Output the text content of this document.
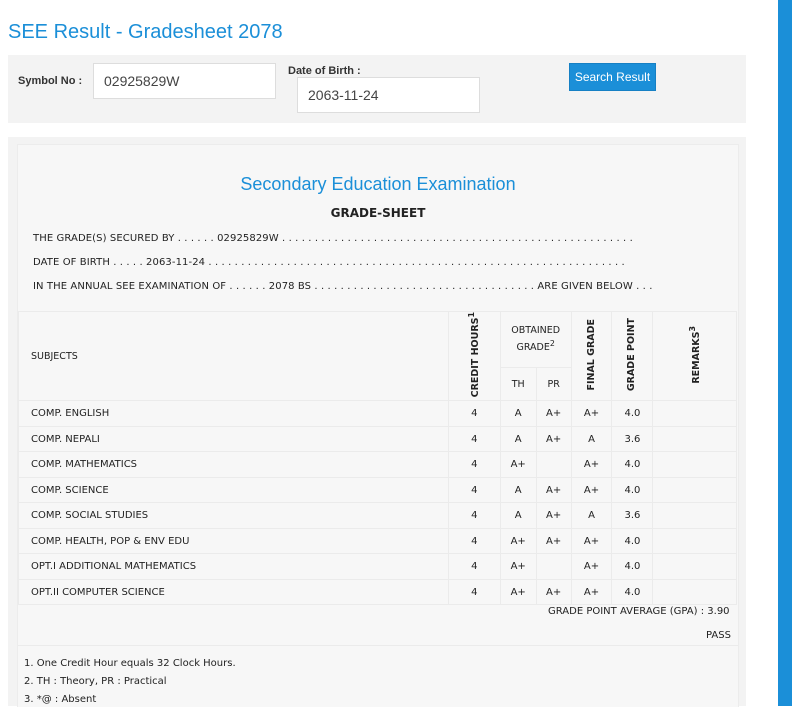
SEE Result - Gradesheet 2078
Symbol No :
02925829W
Date of Birth :
2063-11-24	Search Result
Secondary Education Examination
GRADE-SHEET
THE GRADE(S) SECURED BY . . . . . . 02925829W . . . . . . . . . . . . . . . . . . . . . . . . . . . . . . . . . . . . . . . . . . . . . . . . . . . . . .
DATE OF BIRTH . . . . . 2063-11-24 . . . . . . . . . . . . . . . . . . . . . . . . . . . . . . . . . . . . . . . . . . . . . . . . . . . . . . . . . . . . . . . .
IN THE ANNUAL SEE EXAMINATION OF . . . . . . 2078 BS . . . . . . . . . . . . . . . . . . . . . . . . . . . . . . . . . . ARE GIVEN BELOW . . .
SUBJECTS	CREDIT HOURS$^1$	OBTAINED GRADE$^2$		FINAL GRADE	GRADE POINT	REMARKS$^3$
		TH	PR			
COMP. ENGLISH	4	A	A+	A+	4.0	
COMP. NEPALI	4	A	A+	A	3.6	
COMP. MATHEMATICS	4	A+		A+	4.0	
COMP. SCIENCE	4	A	A+	A+	4.0	
COMP. SOCIAL STUDIES	4	A	A+	A	3.6	
COMP. HEALTH, POP & ENV EDU	4	A+	A+	A+	4.0	
OPT.I ADDITIONAL MATHEMATICS	4	A+		A+	4.0	
OPT.II COMPUTER SCIENCE	4	A+	A+	A+	4.0	
GRADE POINT AVERAGE (GPA) : 3.90
PASS
1. One Credit Hour equals 32 Clock Hours.
2. TH : Theory, PR : Practical
3. *@ : Absent
